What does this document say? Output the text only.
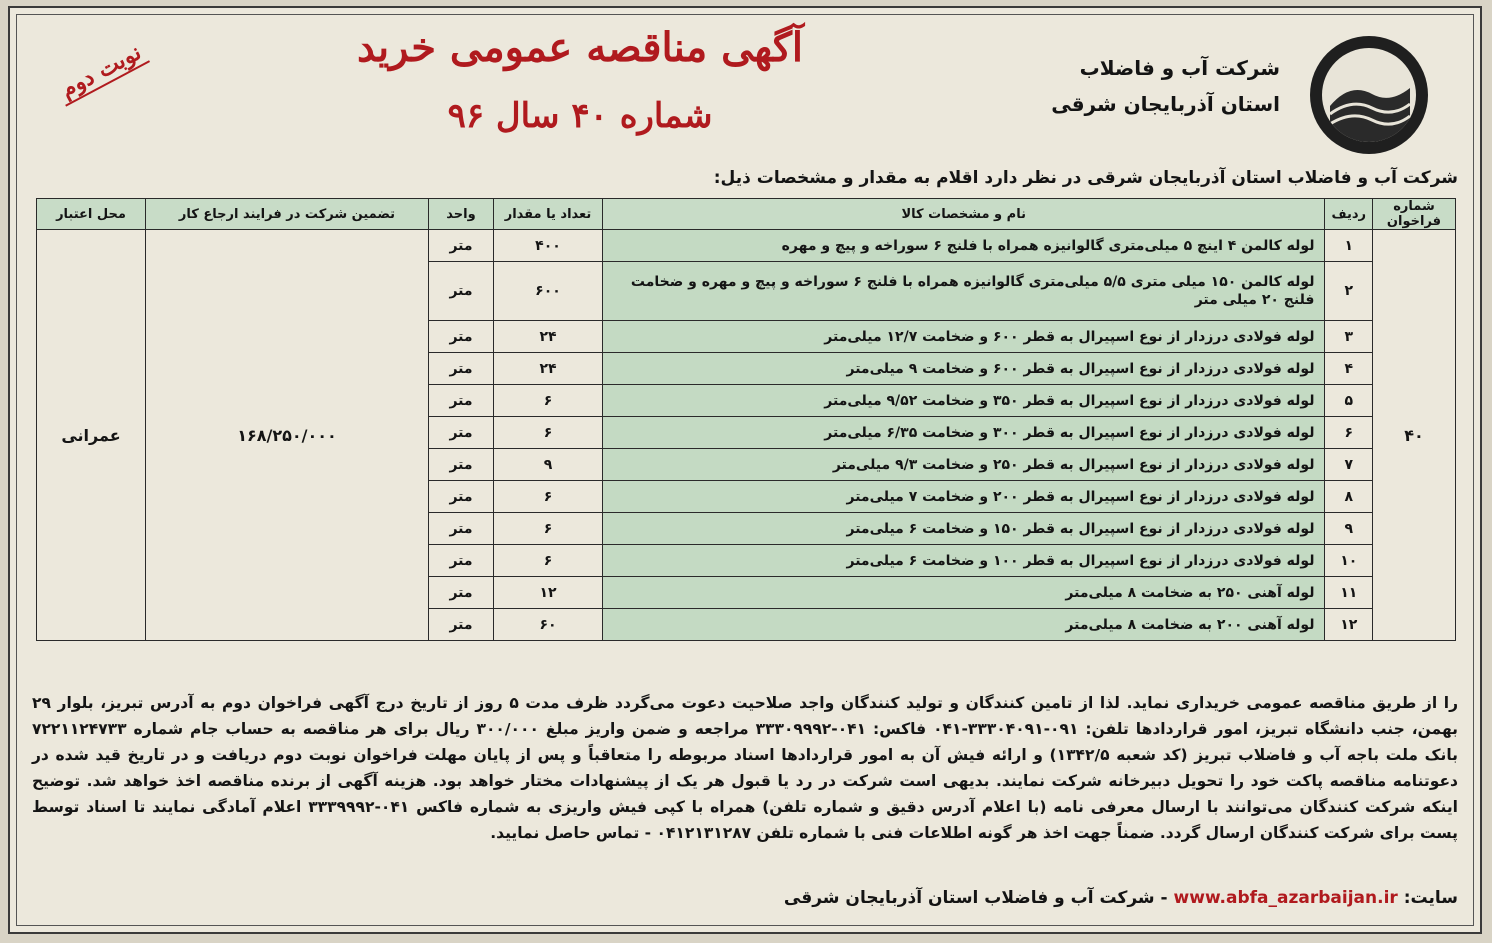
شرکت آب و فاضلاب
استان آذربایجان شرقی
آگهی مناقصه عمومی خرید
شماره ۴۰ سال ۹۶
نوبت دوم
شرکت آب و فاضلاب استان آذربایجان شرقی در نظر دارد اقلام به مقدار و مشخصات ذیل:
شماره فراخوان	ردیف	نام و مشخصات کالا	تعداد یا مقدار	واحد	تضمین شرکت در فرایند ارجاع کار	محل اعتبار
۴۰	۱	لوله کالمن ۴ اینچ ۵ میلی‌متری گالوانیزه همراه با فلنج ۶ سوراخه و پیچ و مهره	۴۰۰	متر	۱۶۸/۲۵۰/۰۰۰	عمرانی
	۲	لوله کالمن ۱۵۰ میلی متری ۵/۵ میلی‌متری گالوانیزه همراه با فلنج ۶ سوراخه و پیچ و مهره و ضخامت فلنج ۲۰ میلی متر	۶۰۰	متر		
	۳	لوله فولادی درزدار از نوع اسپیرال به قطر ۶۰۰ و ضخامت ۱۲/۷ میلی‌متر	۲۴	متر		
	۴	لوله فولادی درزدار از نوع اسپیرال به قطر ۶۰۰ و ضخامت ۹ میلی‌متر	۲۴	متر		
	۵	لوله فولادی درزدار از نوع اسپیرال به قطر ۳۵۰ و ضخامت ۹/۵۲ میلی‌متر	۶	متر		
	۶	لوله فولادی درزدار از نوع اسپیرال به قطر ۳۰۰ و ضخامت ۶/۳۵ میلی‌متر	۶	متر		
	۷	لوله فولادی درزدار از نوع اسپیرال به قطر ۲۵۰ و ضخامت ۹/۳ میلی‌متر	۹	متر		
	۸	لوله فولادی درزدار از نوع اسپیرال به قطر ۲۰۰ و ضخامت ۷ میلی‌متر	۶	متر		
	۹	لوله فولادی درزدار از نوع اسپیرال به قطر ۱۵۰ و ضخامت ۶ میلی‌متر	۶	متر		
	۱۰	لوله فولادی درزدار از نوع اسپیرال به قطر ۱۰۰ و ضخامت ۶ میلی‌متر	۶	متر		
	۱۱	لوله آهنی ۲۵۰ به ضخامت ۸ میلی‌متر	۱۲	متر		
	۱۲	لوله آهنی ۲۰۰ به ضخامت ۸ میلی‌متر	۶۰	متر		
را از طریق مناقصه عمومی خریداری نماید. لذا از تامین کنندگان و تولید کنندگان واجد صلاحیت دعوت می‌گردد ظرف مدت ۵ روز از تاریخ درج آگهی فراخوان دوم به آدرس تبریز، بلوار ۲۹ بهمن، جنب دانشگاه تبریز، امور قراردادها تلفن: ۰۹۱-۳۳۳۰۴۰۹۱-۰۴۱ فاکس: ۰۴۱-۳۳۳۰۹۹۹۲ مراجعه و ضمن واریز مبلغ ۳۰۰/۰۰۰ ریال برای هر مناقصه به حساب جام شماره ۷۲۲۱۱۲۴۷۳۳ بانک ملت باجه آب و فاضلاب تبریز (کد شعبه ۱۳۴۲/۵) و ارائه فیش آن به امور قراردادها اسناد مربوطه را متعاقباً و پس از پایان مهلت فراخوان نوبت دوم دریافت و در تاریخ قید شده در دعوتنامه مناقصه پاکت خود را تحویل دبیرخانه شرکت نمایند. بدیهی است شرکت در رد یا قبول هر یک از پیشنهادات مختار خواهد بود. هزینه آگهی از برنده مناقصه اخذ خواهد شد. توضیح اینکه شرکت کنندگان می‌توانند با ارسال معرفی نامه (با اعلام آدرس دقیق و شماره تلفن) همراه با کپی فیش واریزی به شماره فاکس ۰۴۱-۳۳۳۹۹۹۲ اعلام آمادگی نمایند تا اسناد توسط پست برای شرکت کنندگان ارسال گردد. ضمناً جهت اخذ هر گونه اطلاعات فنی با شماره تلفن ۰۴۱۲۱۳۱۲۸۷ - تماس حاصل نمایید.
سایت: www.abfa_azarbaijan.ir - شرکت آب و فاضلاب استان آذربایجان شرقی
